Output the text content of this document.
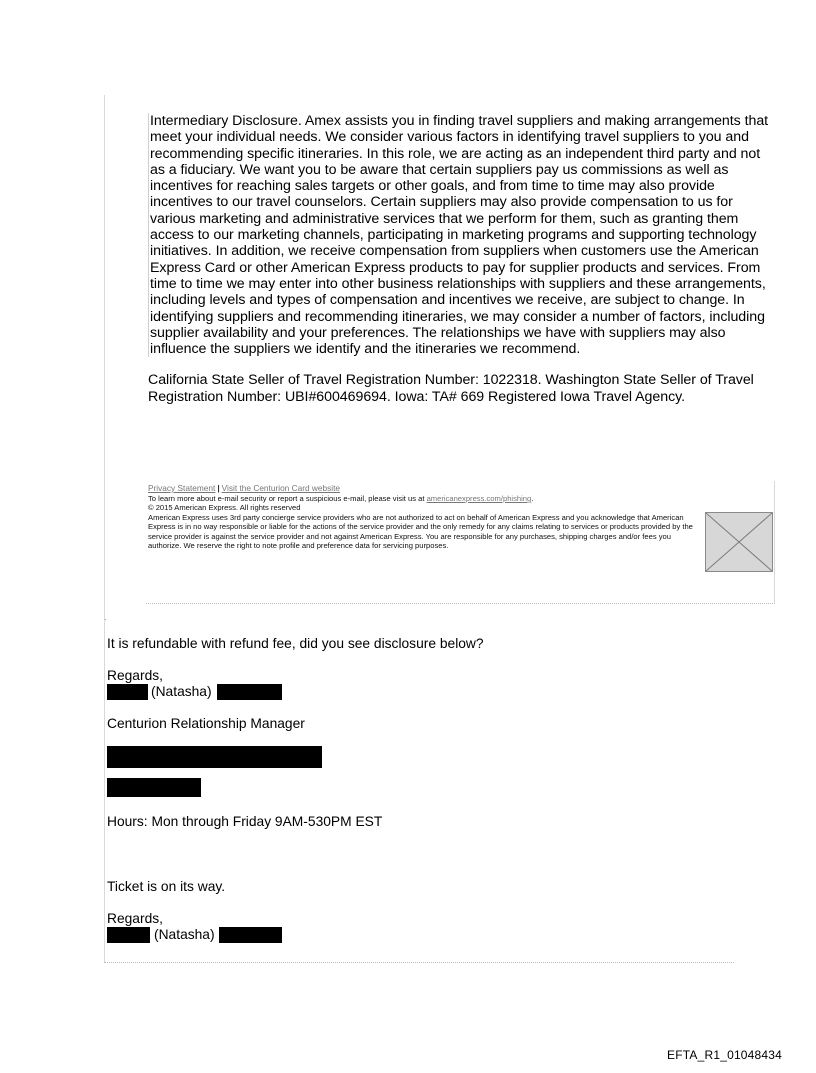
Intermediary Disclosure. Amex assists you in finding travel suppliers and making arrangements that meet your individual needs. We consider various factors in identifying travel suppliers to you and recommending specific itineraries. In this role, we are acting as an independent third party and not as a fiduciary. We want you to be aware that certain suppliers pay us commissions as well as incentives for reaching sales targets or other goals, and from time to time may also provide incentives to our travel counselors. Certain suppliers may also provide compensation to us for various marketing and administrative services that we perform for them, such as granting them access to our marketing channels, participating in marketing programs and supporting technology initiatives. In addition, we receive compensation from suppliers when customers use the American Express Card or other American Express products to pay for supplier products and services. From time to time we may enter into other business relationships with suppliers and these arrangements, including levels and types of compensation and incentives we receive, are subject to change. In identifying suppliers and recommending itineraries, we may consider a number of factors, including supplier availability and your preferences. The relationships we have with suppliers may also influence the suppliers we identify and the itineraries we recommend.

California State Seller of Travel Registration Number: 1022318. Washington State Seller of Travel Registration Number: UBI#600469694. Iowa: TA# 669 Registered Iowa Travel Agency.

Privacy Statement | Visit the Centurion Card website

To learn more about e-mail security or report a suspicious e-mail, please visit us at americanexpress.com/phishing.

© 2015 American Express. All rights reserved

American Express uses 3rd party concierge service providers who are not authorized to act on behalf of American Express and you acknowledge that American Express is in no way responsible or liable for the actions of the service provider and the only remedy for any claims relating to services or products provided by the service provider is against the service provider and not against American Express. You are responsible for any purchases, shipping charges and/or fees you authorize. We reserve the right to note profile and preference data for servicing purposes.

.
It is refundable with refund fee, did you see disclosure below?
Regards,
(Natasha)
Centurion Relationship Manager
Hours: Mon through Friday 9AM-530PM EST
Ticket is on its way.
Regards,
(Natasha)
EFTA_R1_01048434
